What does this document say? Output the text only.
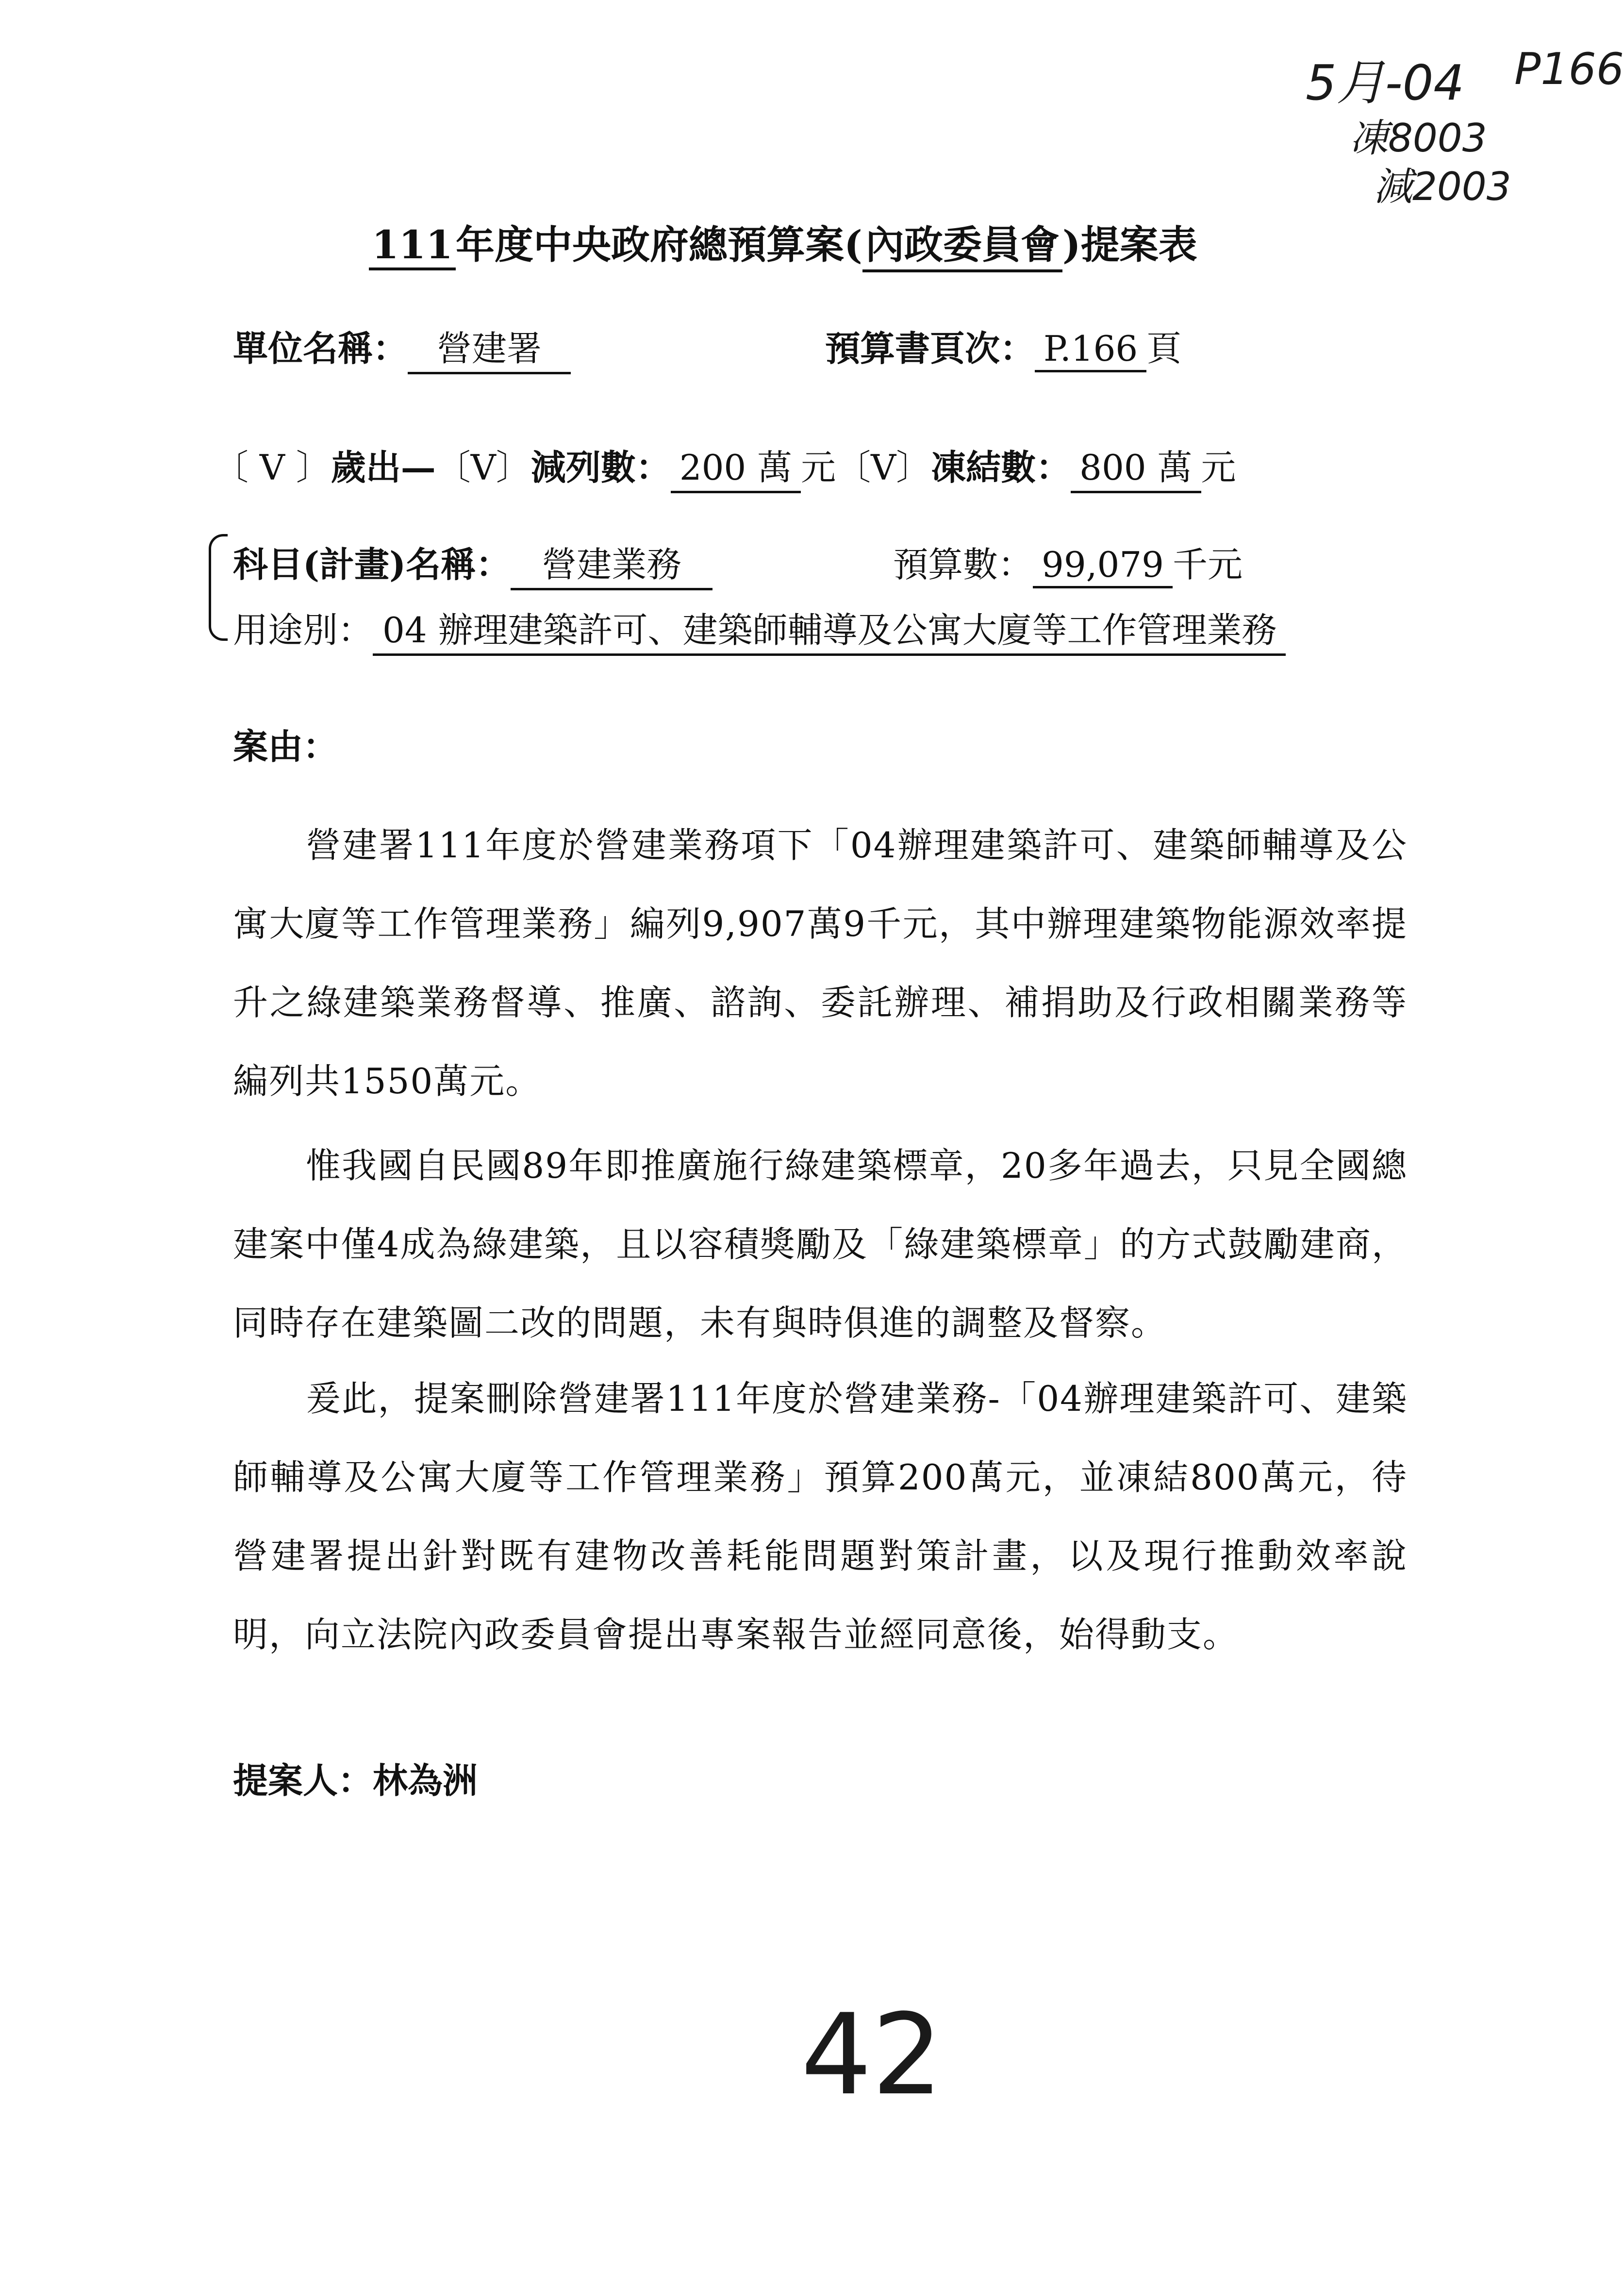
5月-04 P166
凍8003
減2003
111年度中央政府總預算案(內政委員會)提案表
單位名稱： 營建署	預算書頁次： P.166 頁
〔 V 〕歲出—〔V〕減列數： 200 萬 元〔V〕凍結數： 800 萬 元
科目(計畫)名稱： 營建業務	預算數： 99,079 千元
用途別： 04 辦理建築許可、建築師輔導及公寓大廈等工作管理業務
案由：
營建署111年度於營建業務項下「04辦理建築許可、建築師輔導及公寓大廈等工作管理業務」編列9,907萬9千元，其中辦理建築物能源效率提升之綠建築業務督導、推廣、諮詢、委託辦理、補捐助及行政相關業務等編列共1550萬元。
惟我國自民國89年即推廣施行綠建築標章，20多年過去，只見全國總建案中僅4成為綠建築，且以容積獎勵及「綠建築標章」的方式鼓勵建商，同時存在建築圖二改的問題，未有與時俱進的調整及督察。
爰此，提案刪除營建署111年度於營建業務-「04辦理建築許可、建築師輔導及公寓大廈等工作管理業務」預算200萬元，並凍結800萬元，待營建署提出針對既有建物改善耗能問題對策計畫，以及現行推動效率說明，向立法院內政委員會提出專案報告並經同意後，始得動支。
提案人：林為洲
42
